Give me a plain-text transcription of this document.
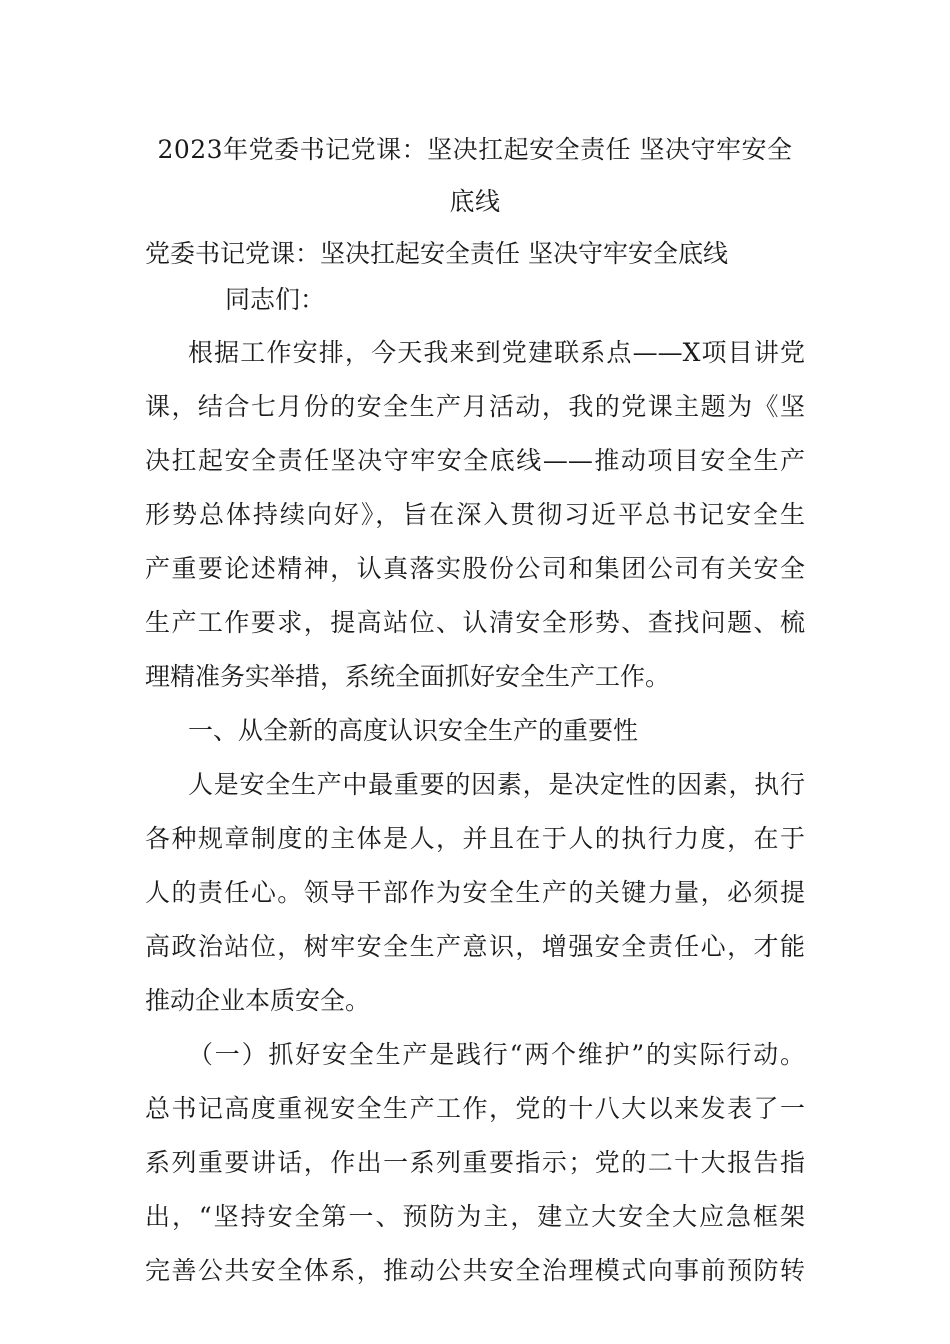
2023年党委书记党课：坚决扛起安全责任 坚决守牢安全
底线
党委书记党课：坚决扛起安全责任 坚决守牢安全底线
同志们：
根据工作安排，今天我来到党建联系点——X项目讲党
课，结合七月份的安全生产月活动，我的党课主题为《坚
决扛起安全责任坚决守牢安全底线——推动项目安全生产
形势总体持续向好》，旨在深入贯彻习近平总书记安全生
产重要论述精神，认真落实股份公司和集团公司有关安全
生产工作要求，提高站位、认清安全形势、查找问题、梳
理精准务实举措，系统全面抓好安全生产工作。
一、从全新的高度认识安全生产的重要性
人是安全生产中最重要的因素，是决定性的因素，执行
各种规章制度的主体是人，并且在于人的执行力度，在于
人的责任心。领导干部作为安全生产的关键力量，必须提
高政治站位，树牢安全生产意识，增强安全责任心，才能
推动企业本质安全。
（一）抓好安全生产是践行“两个维护”的实际行动。
总书记高度重视安全生产工作，党的十八大以来发表了一
系列重要讲话，作出一系列重要指示；党的二十大报告指
出，“坚持安全第一、预防为主，建立大安全大应急框架
完善公共安全体系，推动公共安全治理模式向事前预防转
